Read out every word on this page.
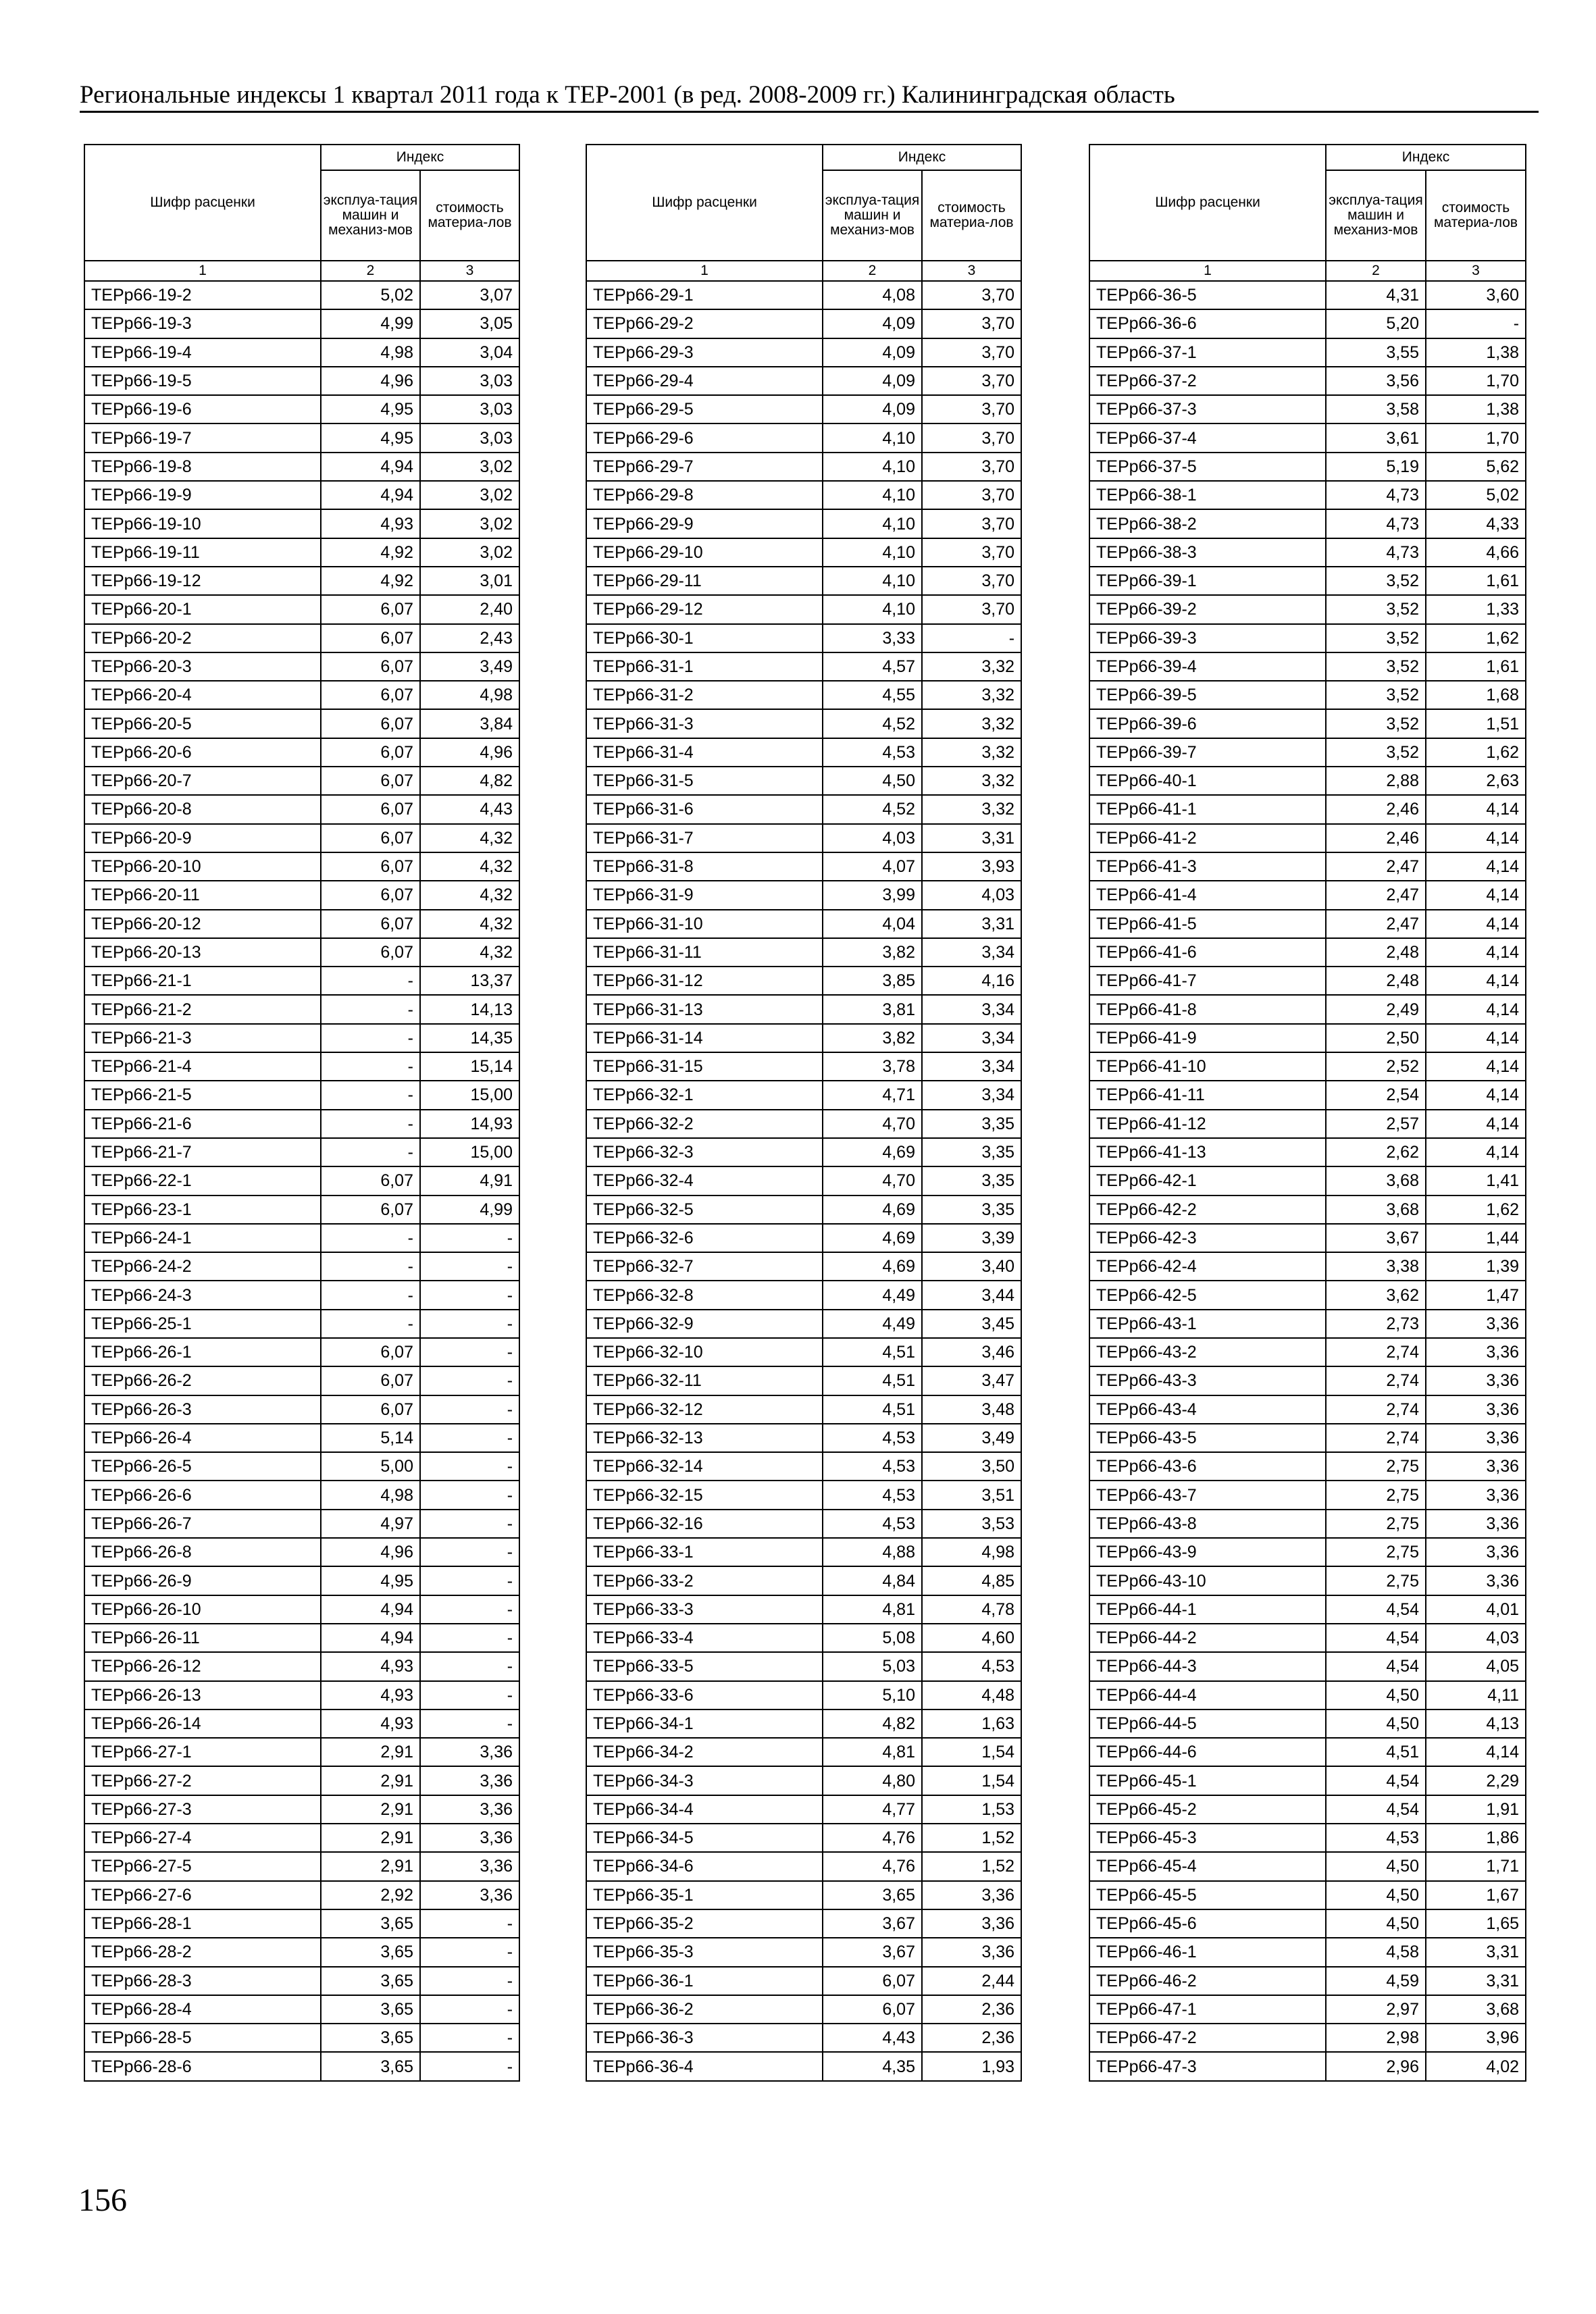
Региональные индексы 1 квартал 2011 года к ТЕР-2001 (в ред. 2008-2009 гг.) Калининградская область
Шифр расценки	Индекс	
	эксплуа-тация машин и механиз-мов	стоимость материа-лов
1	2	3
ТЕРр66-19-2	5,02	3,07
ТЕРр66-19-3	4,99	3,05
ТЕРр66-19-4	4,98	3,04
ТЕРр66-19-5	4,96	3,03
ТЕРр66-19-6	4,95	3,03
ТЕРр66-19-7	4,95	3,03
ТЕРр66-19-8	4,94	3,02
ТЕРр66-19-9	4,94	3,02
ТЕРр66-19-10	4,93	3,02
ТЕРр66-19-11	4,92	3,02
ТЕРр66-19-12	4,92	3,01
ТЕРр66-20-1	6,07	2,40
ТЕРр66-20-2	6,07	2,43
ТЕРр66-20-3	6,07	3,49
ТЕРр66-20-4	6,07	4,98
ТЕРр66-20-5	6,07	3,84
ТЕРр66-20-6	6,07	4,96
ТЕРр66-20-7	6,07	4,82
ТЕРр66-20-8	6,07	4,43
ТЕРр66-20-9	6,07	4,32
ТЕРр66-20-10	6,07	4,32
ТЕРр66-20-11	6,07	4,32
ТЕРр66-20-12	6,07	4,32
ТЕРр66-20-13	6,07	4,32
ТЕРр66-21-1	-	13,37
ТЕРр66-21-2	-	14,13
ТЕРр66-21-3	-	14,35
ТЕРр66-21-4	-	15,14
ТЕРр66-21-5	-	15,00
ТЕРр66-21-6	-	14,93
ТЕРр66-21-7	-	15,00
ТЕРр66-22-1	6,07	4,91
ТЕРр66-23-1	6,07	4,99
ТЕРр66-24-1	-	-
ТЕРр66-24-2	-	-
ТЕРр66-24-3	-	-
ТЕРр66-25-1	-	-
ТЕРр66-26-1	6,07	-
ТЕРр66-26-2	6,07	-
ТЕРр66-26-3	6,07	-
ТЕРр66-26-4	5,14	-
ТЕРр66-26-5	5,00	-
ТЕРр66-26-6	4,98	-
ТЕРр66-26-7	4,97	-
ТЕРр66-26-8	4,96	-
ТЕРр66-26-9	4,95	-
ТЕРр66-26-10	4,94	-
ТЕРр66-26-11	4,94	-
ТЕРр66-26-12	4,93	-
ТЕРр66-26-13	4,93	-
ТЕРр66-26-14	4,93	-
ТЕРр66-27-1	2,91	3,36
ТЕРр66-27-2	2,91	3,36
ТЕРр66-27-3	2,91	3,36
ТЕРр66-27-4	2,91	3,36
ТЕРр66-27-5	2,91	3,36
ТЕРр66-27-6	2,92	3,36
ТЕРр66-28-1	3,65	-
ТЕРр66-28-2	3,65	-
ТЕРр66-28-3	3,65	-
ТЕРр66-28-4	3,65	-
ТЕРр66-28-5	3,65	-
ТЕРр66-28-6	3,65	-
Шифр расценки	Индекс	
	эксплуа-тация машин и механиз-мов	стоимость материа-лов
1	2	3
ТЕРр66-29-1	4,08	3,70
ТЕРр66-29-2	4,09	3,70
ТЕРр66-29-3	4,09	3,70
ТЕРр66-29-4	4,09	3,70
ТЕРр66-29-5	4,09	3,70
ТЕРр66-29-6	4,10	3,70
ТЕРр66-29-7	4,10	3,70
ТЕРр66-29-8	4,10	3,70
ТЕРр66-29-9	4,10	3,70
ТЕРр66-29-10	4,10	3,70
ТЕРр66-29-11	4,10	3,70
ТЕРр66-29-12	4,10	3,70
ТЕРр66-30-1	3,33	-
ТЕРр66-31-1	4,57	3,32
ТЕРр66-31-2	4,55	3,32
ТЕРр66-31-3	4,52	3,32
ТЕРр66-31-4	4,53	3,32
ТЕРр66-31-5	4,50	3,32
ТЕРр66-31-6	4,52	3,32
ТЕРр66-31-7	4,03	3,31
ТЕРр66-31-8	4,07	3,93
ТЕРр66-31-9	3,99	4,03
ТЕРр66-31-10	4,04	3,31
ТЕРр66-31-11	3,82	3,34
ТЕРр66-31-12	3,85	4,16
ТЕРр66-31-13	3,81	3,34
ТЕРр66-31-14	3,82	3,34
ТЕРр66-31-15	3,78	3,34
ТЕРр66-32-1	4,71	3,34
ТЕРр66-32-2	4,70	3,35
ТЕРр66-32-3	4,69	3,35
ТЕРр66-32-4	4,70	3,35
ТЕРр66-32-5	4,69	3,35
ТЕРр66-32-6	4,69	3,39
ТЕРр66-32-7	4,69	3,40
ТЕРр66-32-8	4,49	3,44
ТЕРр66-32-9	4,49	3,45
ТЕРр66-32-10	4,51	3,46
ТЕРр66-32-11	4,51	3,47
ТЕРр66-32-12	4,51	3,48
ТЕРр66-32-13	4,53	3,49
ТЕРр66-32-14	4,53	3,50
ТЕРр66-32-15	4,53	3,51
ТЕРр66-32-16	4,53	3,53
ТЕРр66-33-1	4,88	4,98
ТЕРр66-33-2	4,84	4,85
ТЕРр66-33-3	4,81	4,78
ТЕРр66-33-4	5,08	4,60
ТЕРр66-33-5	5,03	4,53
ТЕРр66-33-6	5,10	4,48
ТЕРр66-34-1	4,82	1,63
ТЕРр66-34-2	4,81	1,54
ТЕРр66-34-3	4,80	1,54
ТЕРр66-34-4	4,77	1,53
ТЕРр66-34-5	4,76	1,52
ТЕРр66-34-6	4,76	1,52
ТЕРр66-35-1	3,65	3,36
ТЕРр66-35-2	3,67	3,36
ТЕРр66-35-3	3,67	3,36
ТЕРр66-36-1	6,07	2,44
ТЕРр66-36-2	6,07	2,36
ТЕРр66-36-3	4,43	2,36
ТЕРр66-36-4	4,35	1,93
Шифр расценки	Индекс	
	эксплуа-тация машин и механиз-мов	стоимость материа-лов
1	2	3
ТЕРр66-36-5	4,31	3,60
ТЕРр66-36-6	5,20	-
ТЕРр66-37-1	3,55	1,38
ТЕРр66-37-2	3,56	1,70
ТЕРр66-37-3	3,58	1,38
ТЕРр66-37-4	3,61	1,70
ТЕРр66-37-5	5,19	5,62
ТЕРр66-38-1	4,73	5,02
ТЕРр66-38-2	4,73	4,33
ТЕРр66-38-3	4,73	4,66
ТЕРр66-39-1	3,52	1,61
ТЕРр66-39-2	3,52	1,33
ТЕРр66-39-3	3,52	1,62
ТЕРр66-39-4	3,52	1,61
ТЕРр66-39-5	3,52	1,68
ТЕРр66-39-6	3,52	1,51
ТЕРр66-39-7	3,52	1,62
ТЕРр66-40-1	2,88	2,63
ТЕРр66-41-1	2,46	4,14
ТЕРр66-41-2	2,46	4,14
ТЕРр66-41-3	2,47	4,14
ТЕРр66-41-4	2,47	4,14
ТЕРр66-41-5	2,47	4,14
ТЕРр66-41-6	2,48	4,14
ТЕРр66-41-7	2,48	4,14
ТЕРр66-41-8	2,49	4,14
ТЕРр66-41-9	2,50	4,14
ТЕРр66-41-10	2,52	4,14
ТЕРр66-41-11	2,54	4,14
ТЕРр66-41-12	2,57	4,14
ТЕРр66-41-13	2,62	4,14
ТЕРр66-42-1	3,68	1,41
ТЕРр66-42-2	3,68	1,62
ТЕРр66-42-3	3,67	1,44
ТЕРр66-42-4	3,38	1,39
ТЕРр66-42-5	3,62	1,47
ТЕРр66-43-1	2,73	3,36
ТЕРр66-43-2	2,74	3,36
ТЕРр66-43-3	2,74	3,36
ТЕРр66-43-4	2,74	3,36
ТЕРр66-43-5	2,74	3,36
ТЕРр66-43-6	2,75	3,36
ТЕРр66-43-7	2,75	3,36
ТЕРр66-43-8	2,75	3,36
ТЕРр66-43-9	2,75	3,36
ТЕРр66-43-10	2,75	3,36
ТЕРр66-44-1	4,54	4,01
ТЕРр66-44-2	4,54	4,03
ТЕРр66-44-3	4,54	4,05
ТЕРр66-44-4	4,50	4,11
ТЕРр66-44-5	4,50	4,13
ТЕРр66-44-6	4,51	4,14
ТЕРр66-45-1	4,54	2,29
ТЕРр66-45-2	4,54	1,91
ТЕРр66-45-3	4,53	1,86
ТЕРр66-45-4	4,50	1,71
ТЕРр66-45-5	4,50	1,67
ТЕРр66-45-6	4,50	1,65
ТЕРр66-46-1	4,58	3,31
ТЕРр66-46-2	4,59	3,31
ТЕРр66-47-1	2,97	3,68
ТЕРр66-47-2	2,98	3,96
ТЕРр66-47-3	2,96	4,02
156
